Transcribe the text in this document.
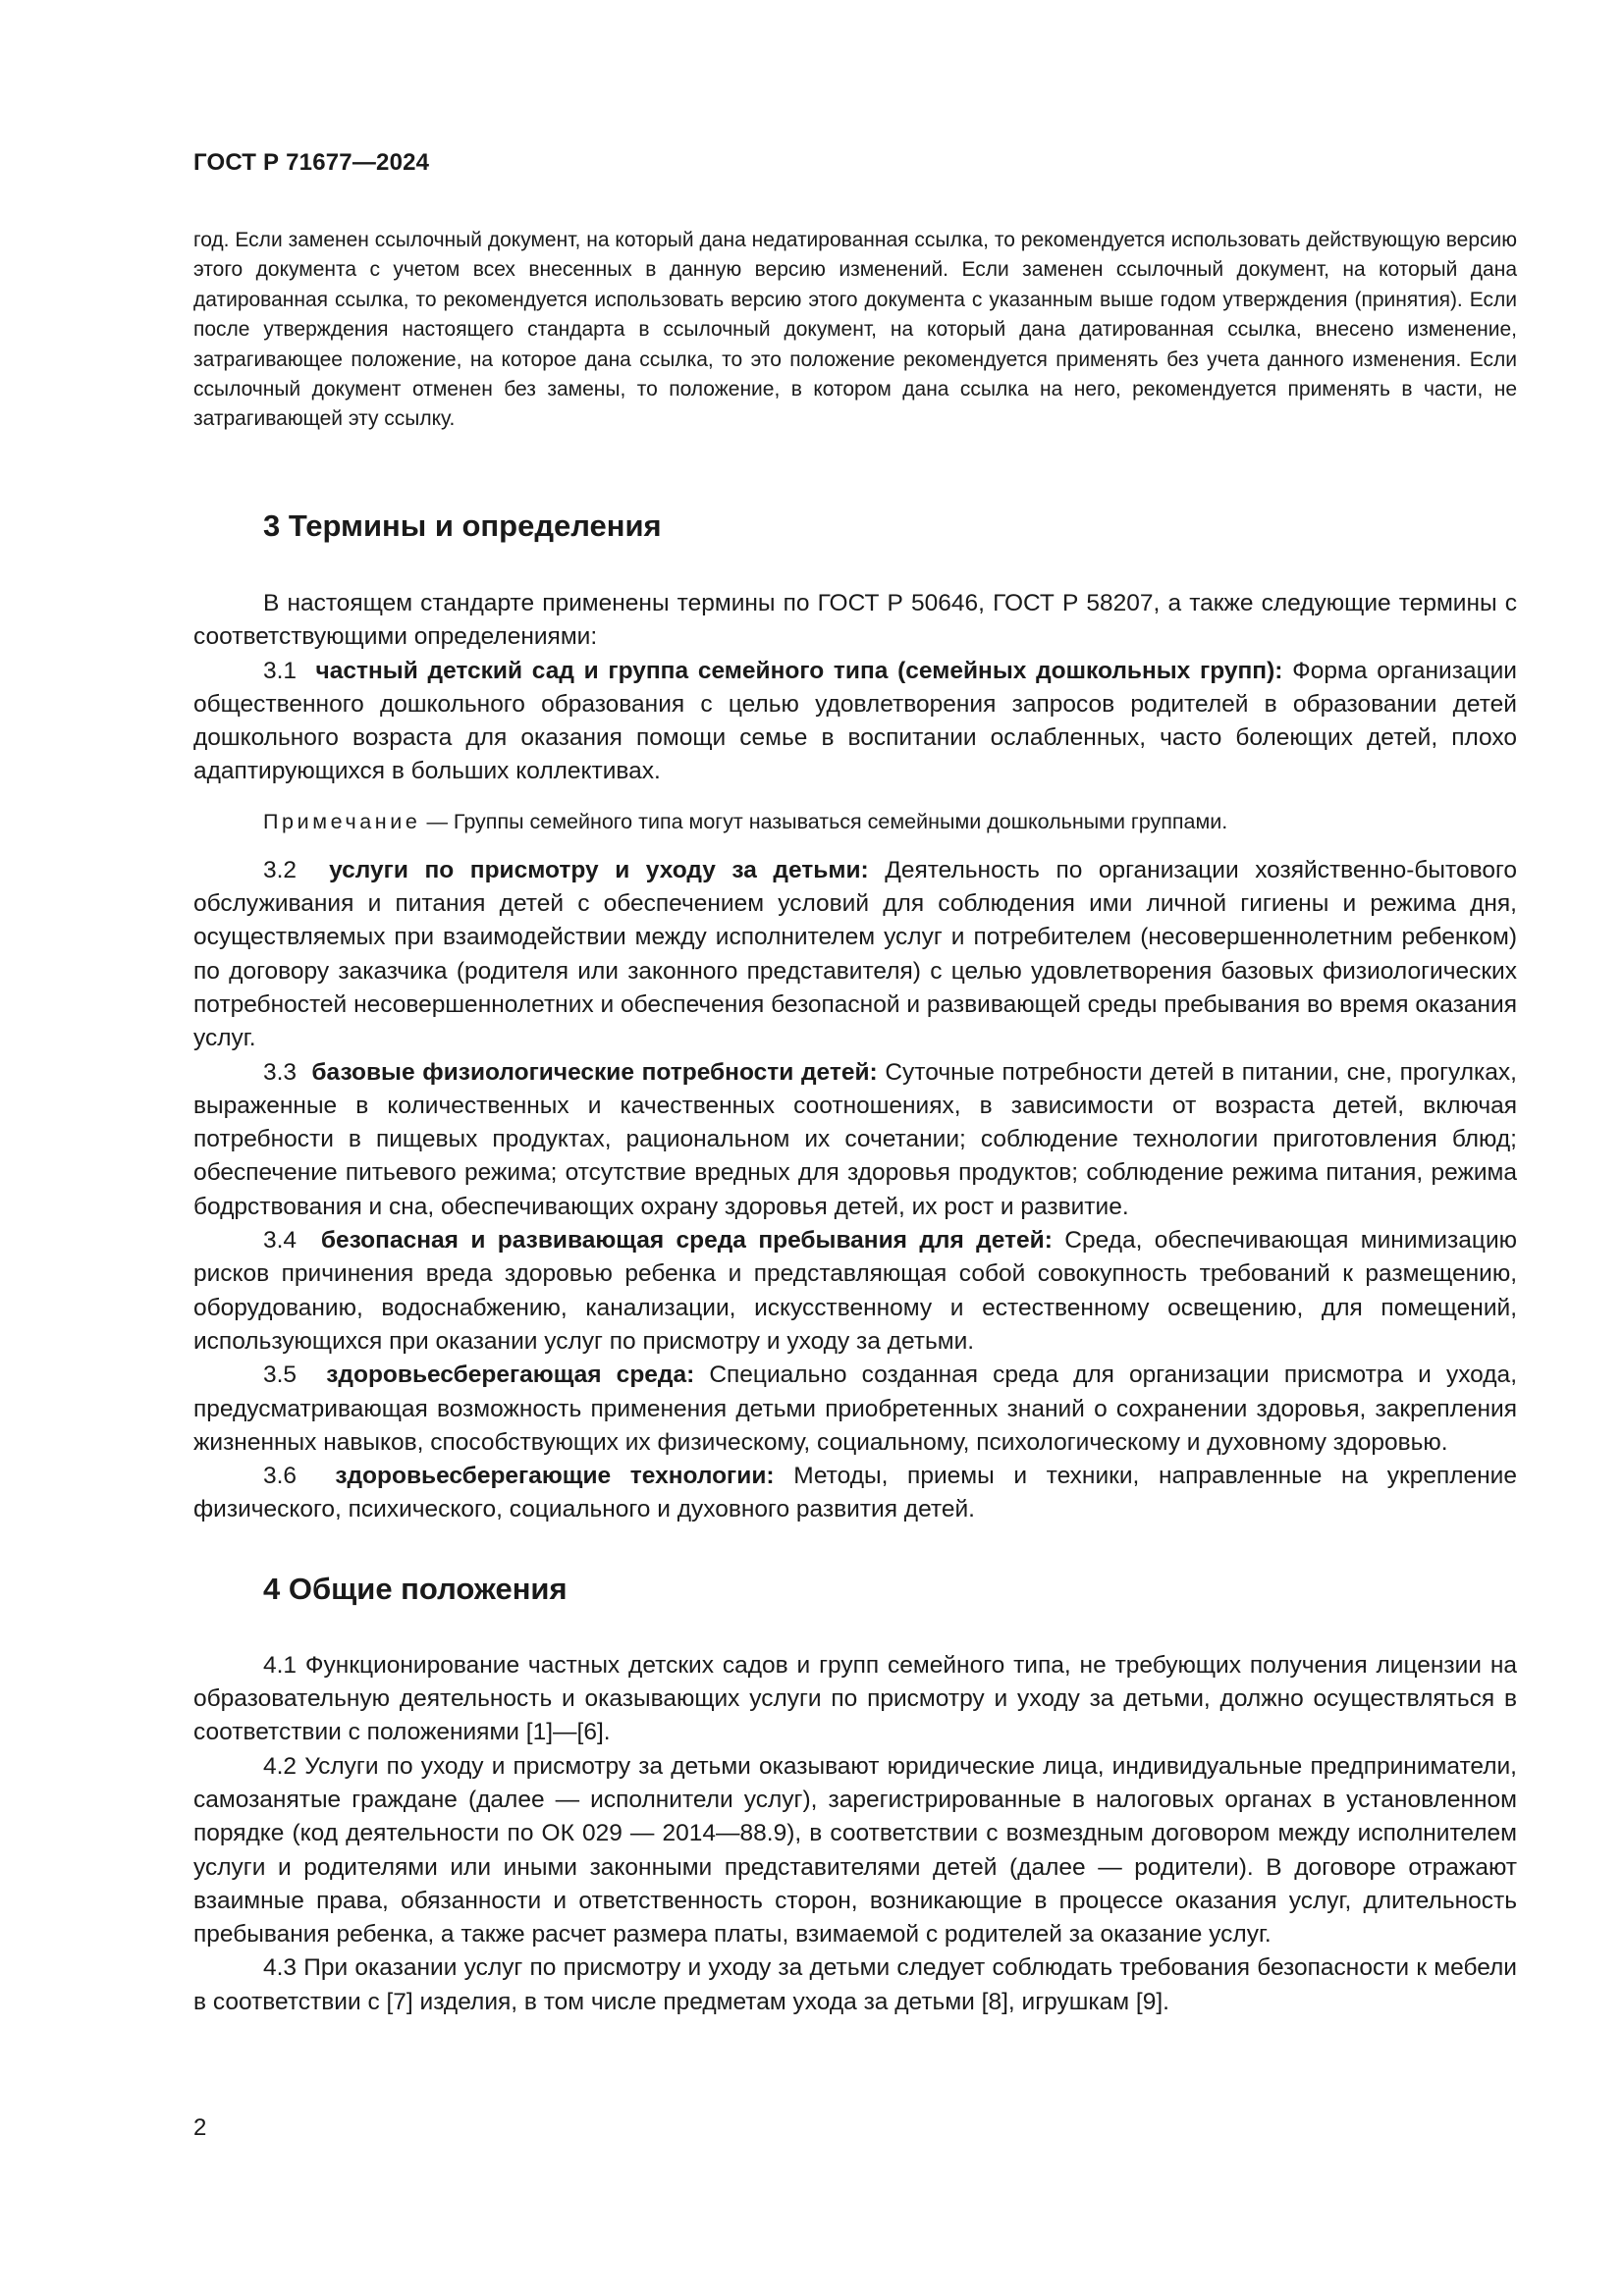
ГОСТ Р 71677—2024
год. Если заменен ссылочный документ, на который дана недатированная ссылка, то рекомендуется использовать действующую версию этого документа с учетом всех внесенных в данную версию изменений. Если заменен ссылочный документ, на который дана датированная ссылка, то рекомендуется использовать версию этого документа с указанным выше годом утверждения (принятия). Если после утверждения настоящего стандарта в ссылочный документ, на который дана датированная ссылка, внесено изменение, затрагивающее положение, на которое дана ссылка, то это положение рекомендуется применять без учета данного изменения. Если ссылочный документ отменен без замены, то положение, в котором дана ссылка на него, рекомендуется применять в части, не затрагивающей эту ссылку.
3 Термины и определения

В настоящем стандарте применены термины по ГОСТ Р 50646, ГОСТ Р 58207, а также следующие термины с соответствующими определениями:

3.1 частный детский сад и группа семейного типа (семейных дошкольных групп): Форма организации общественного дошкольного образования с целью удовлетворения запросов родителей в образовании детей дошкольного возраста для оказания помощи семье в воспитании ослабленных, часто болеющих детей, плохо адаптирующихся в больших коллективах.

Примечание — Группы семейного типа могут называться семейными дошкольными группами.

3.2 услуги по присмотру и уходу за детьми: Деятельность по организации хозяйственно-бытового обслуживания и питания детей с обеспечением условий для соблюдения ими личной гигиены и режима дня, осуществляемых при взаимодействии между исполнителем услуг и потребителем (несовершеннолетним ребенком) по договору заказчика (родителя или законного представителя) с целью удовлетворения базовых физиологических потребностей несовершеннолетних и обеспечения безопасной и развивающей среды пребывания во время оказания услуг.

3.3 базовые физиологические потребности детей: Суточные потребности детей в питании, сне, прогулках, выраженные в количественных и качественных соотношениях, в зависимости от возраста детей, включая потребности в пищевых продуктах, рациональном их сочетании; соблюдение технологии приготовления блюд; обеспечение питьевого режима; отсутствие вредных для здоровья продуктов; соблюдение режима питания, режима бодрствования и сна, обеспечивающих охрану здоровья детей, их рост и развитие.

3.4 безопасная и развивающая среда пребывания для детей: Среда, обеспечивающая минимизацию рисков причинения вреда здоровью ребенка и представляющая собой совокупность требований к размещению, оборудованию, водоснабжению, канализации, искусственному и естественному освещению, для помещений, использующихся при оказании услуг по присмотру и уходу за детьми.

3.5 здоровьесберегающая среда: Специально созданная среда для организации присмотра и ухода, предусматривающая возможность применения детьми приобретенных знаний о сохранении здоровья, закрепления жизненных навыков, способствующих их физическому, социальному, психологическому и духовному здоровью.

3.6 здоровьесберегающие технологии: Методы, приемы и техники, направленные на укрепление физического, психического, социального и духовного развития детей.

4 Общие положения

4.1 Функционирование частных детских садов и групп семейного типа, не требующих получения лицензии на образовательную деятельность и оказывающих услуги по присмотру и уходу за детьми, должно осуществляться в соответствии с положениями [1]—[6].

4.2 Услуги по уходу и присмотру за детьми оказывают юридические лица, индивидуальные предприниматели, самозанятые граждане (далее — исполнители услуг), зарегистрированные в налоговых органах в установленном порядке (код деятельности по ОК 029 — 2014—88.9), в соответствии с возмездным договором между исполнителем услуги и родителями или иными законными представителями детей (далее — родители). В договоре отражают взаимные права, обязанности и ответственность сторон, возникающие в процессе оказания услуг, длительность пребывания ребенка, а также расчет размера платы, взимаемой с родителей за оказание услуг.

4.3 При оказании услуг по присмотру и уходу за детьми следует соблюдать требования безопасности к мебели в соответствии с [7] изделия, в том числе предметам ухода за детьми [8], игрушкам [9].

2
